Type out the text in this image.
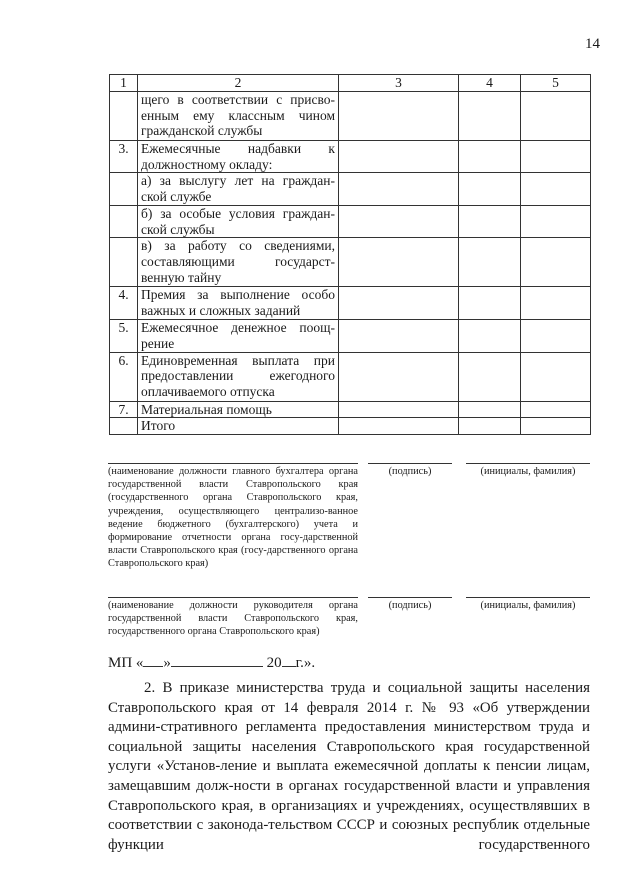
14
1	2	3	4	5
	щего в соответствии с присво-енным ему классным чином гражданской службы			
3.	Ежемесячные надбавки к должностному окладу:			
	а) за выслугу лет на граждан-ской службе			
	б) за особые условия граждан-ской службы			
	в) за работу со сведениями, составляющими государст-венную тайну			
4.	Премия за выполнение особо важных и сложных заданий			
5.	Ежемесячное денежное поощ-рение			
6.	Единовременная выплата при предоставлении ежегодного оплачиваемого отпуска			
7.	Материальная помощь			
	Итого			
(наименование должности главного бухгалтера органа государственной власти Ставропольского края (государственного органа Ставропольского края, учреждения, осуществляющего централизо-ванное ведение бюджетного (бухгалтерского) учета и формирование отчетности органа госу-дарственной власти Ставропольского края (госу-дарственного органа Ставропольского края)
(подпись)	(инициалы, фамилия)
(наименование должности руководителя органа государственной власти Ставропольского края, государственного органа Ставропольского края)
(подпись)	(инициалы, фамилия)
МП « »	20 г.».

2. В приказе министерства труда и социальной защиты населения Ставропольского края от 14 февраля 2014 г. № 93 «Об утверждении админи-стративного регламента предоставления министерством труда и социальной защиты населения Ставропольского края государственной услуги «Установ-ление и выплата ежемесячной доплаты к пенсии лицам, замещавшим долж-ности в органах государственной власти и управления Ставропольского края, в организациях и учреждениях, осуществлявших в соответствии с законода-тельством СССР и союзных республик отдельные функции государственного
